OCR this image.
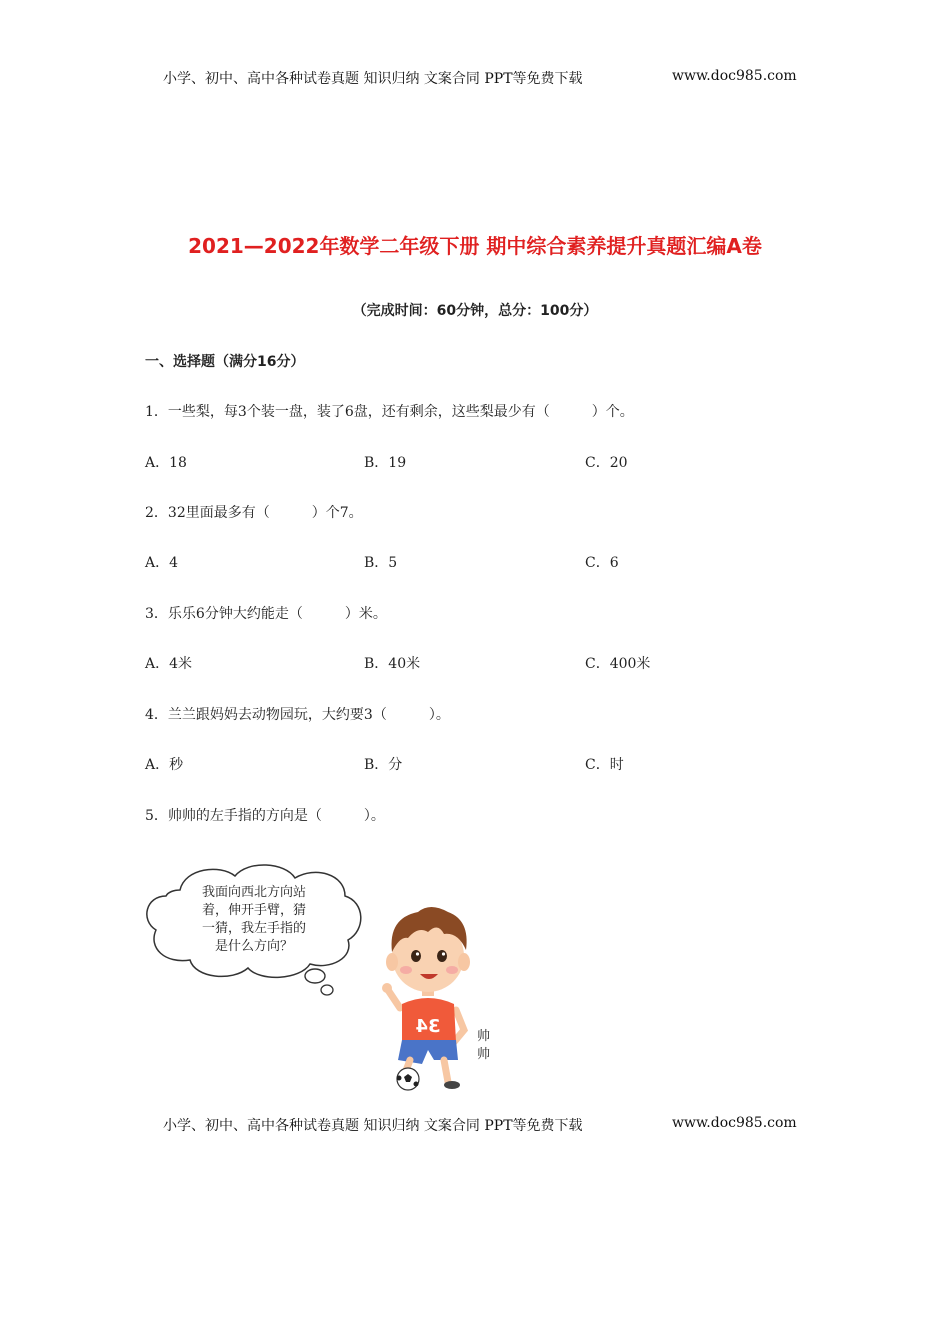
小学、初中、高中各种试卷真题 知识归纳 文案合同 PPT等免费下载	www.doc985.com
2021—2022年数学二年级下册 期中综合素养提升真题汇编A卷
（完成时间：60分钟，总分：100分）
一、选择题（满分16分）
1．一些梨，每3个装一盘，装了6盘，还有剩余，这些梨最少有（　　　）个。
A．18	B．19	C．20
2．32里面最多有（　　　）个7。
A．4	B．5	C．6
3．乐乐6分钟大约能走（　　　）米。
A．4米	B．40米	C．400米
4．兰兰跟妈妈去动物园玩，大约要3（　　　）。
A．秒	B．分	C．时
5．帅帅的左手指的方向是（　　　）。
我面向西北方向站
着，伸开手臂，猜
一猜，我左手指的
是什么方向？
34	帅帅
小学、初中、高中各种试卷真题 知识归纳 文案合同 PPT等免费下载	www.doc985.com
